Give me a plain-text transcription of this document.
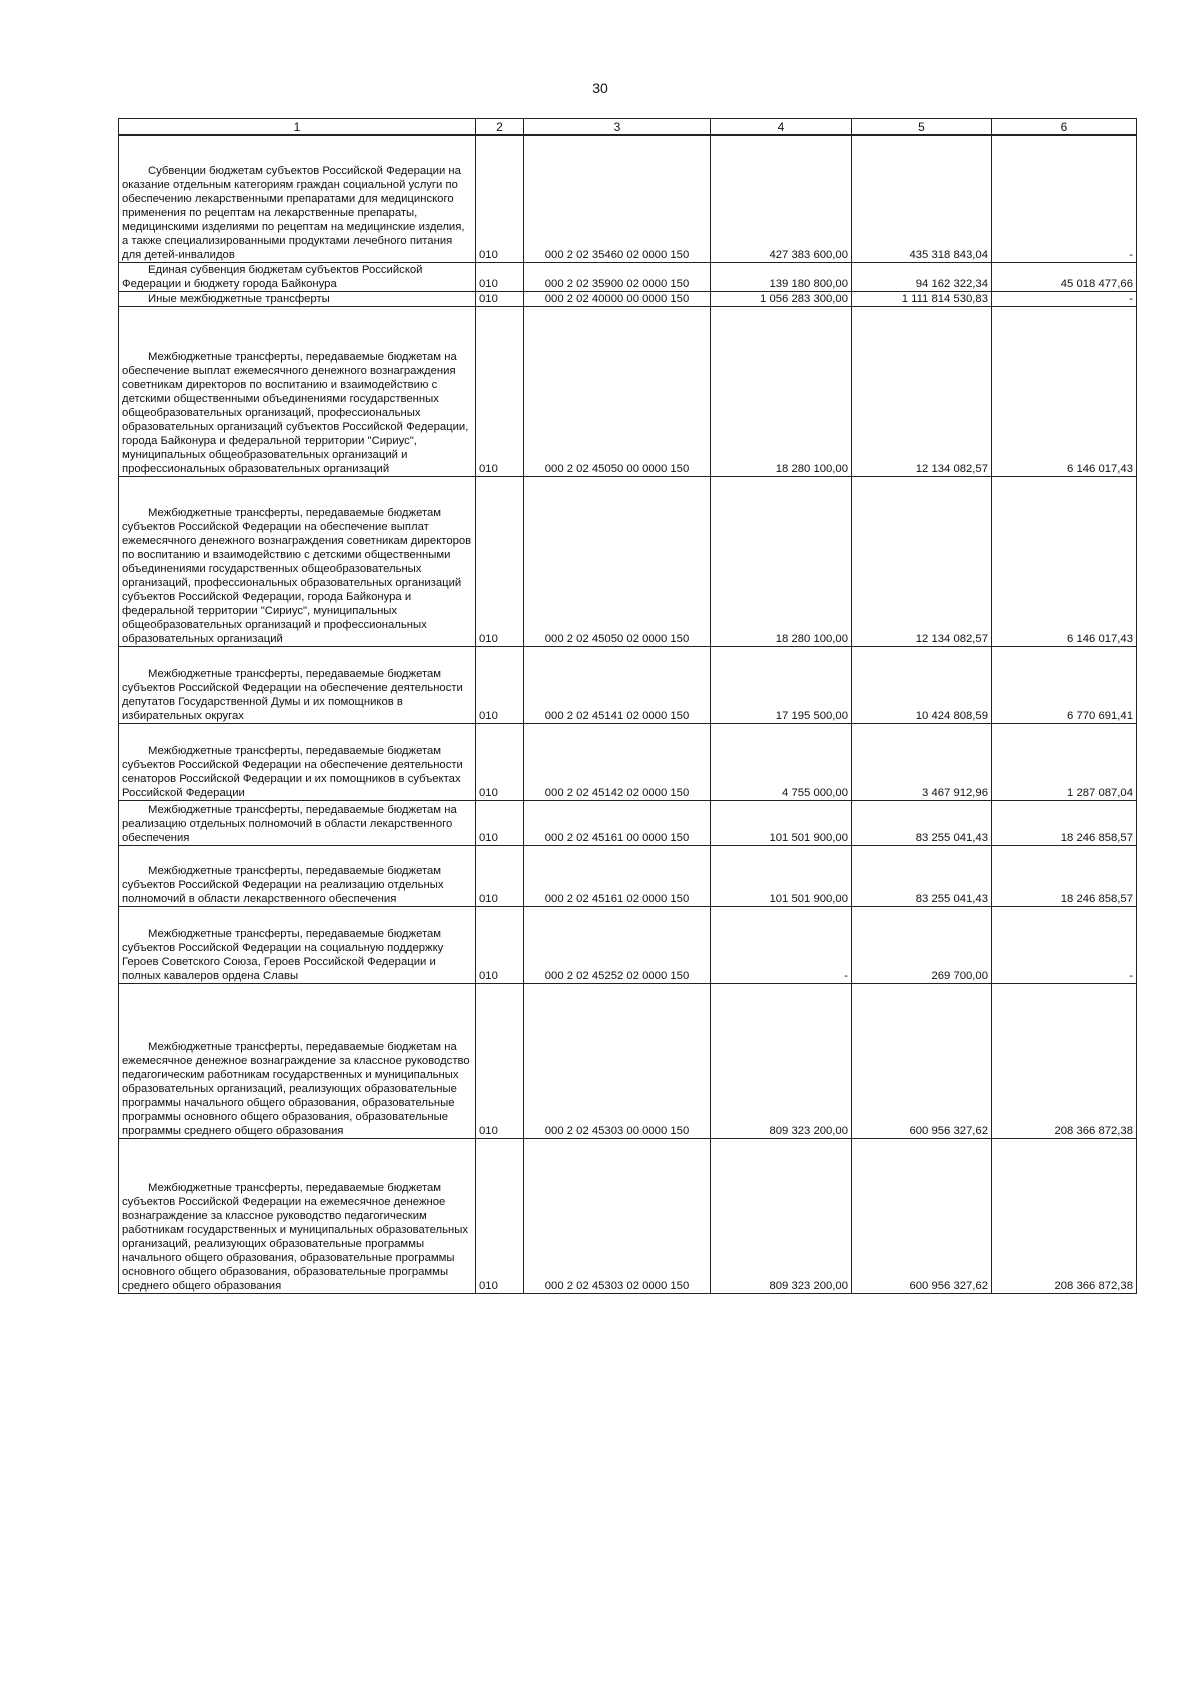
30
1	2	3	4	5	6
Субвенции бюджетам субъектов Российской Федерации на оказание отдельным категориям граждан социальной услуги по обеспечению лекарственными препаратами для медицинского применения по рецептам на лекарственные препараты, медицинскими изделиями по рецептам на медицинские изделия, а также специализированными продуктами лечебного питания для детей-инвалидов	010	000 2 02 35460 02 0000 150	427 383 600,00	435 318 843,04	-
Единая субвенция бюджетам субъектов Российской Федерации и бюджету города Байконура	010	000 2 02 35900 02 0000 150	139 180 800,00	94 162 322,34	45 018 477,66
Иные межбюджетные трансферты	010	000 2 02 40000 00 0000 150	1 056 283 300,00	1 111 814 530,83	-
Межбюджетные трансферты, передаваемые бюджетам на обеспечение выплат ежемесячного денежного вознаграждения советникам директоров по воспитанию и взаимодействию с детскими общественными объединениями государственных общеобразовательных организаций, профессиональных образовательных организаций субъектов Российской Федерации, города Байконура и федеральной территории "Сириус", муниципальных общеобразовательных организаций и профессиональных образовательных организаций	010	000 2 02 45050 00 0000 150	18 280 100,00	12 134 082,57	6 146 017,43
Межбюджетные трансферты, передаваемые бюджетам субъектов Российской Федерации на обеспечение выплат ежемесячного денежного вознаграждения советникам директоров по воспитанию и взаимодействию с детскими общественными объединениями государственных общеобразовательных организаций, профессиональных образовательных организаций субъектов Российской Федерации, города Байконура и федеральной территории "Сириус", муниципальных общеобразовательных организаций и профессиональных образовательных организаций	010	000 2 02 45050 02 0000 150	18 280 100,00	12 134 082,57	6 146 017,43
Межбюджетные трансферты, передаваемые бюджетам субъектов Российской Федерации на обеспечение деятельности депутатов Государственной Думы и их помощников в избирательных округах	010	000 2 02 45141 02 0000 150	17 195 500,00	10 424 808,59	6 770 691,41
Межбюджетные трансферты, передаваемые бюджетам субъектов Российской Федерации на обеспечение деятельности сенаторов Российской Федерации и их помощников в субъектах Российской Федерации	010	000 2 02 45142 02 0000 150	4 755 000,00	3 467 912,96	1 287 087,04
Межбюджетные трансферты, передаваемые бюджетам на реализацию отдельных полномочий в области лекарственного обеспечения	010	000 2 02 45161 00 0000 150	101 501 900,00	83 255 041,43	18 246 858,57
Межбюджетные трансферты, передаваемые бюджетам субъектов Российской Федерации на реализацию отдельных полномочий в области лекарственного обеспечения	010	000 2 02 45161 02 0000 150	101 501 900,00	83 255 041,43	18 246 858,57
Межбюджетные трансферты, передаваемые бюджетам субъектов Российской Федерации на социальную поддержку Героев Советского Союза, Героев Российской Федерации и полных кавалеров ордена Славы	010	000 2 02 45252 02 0000 150	-	269 700,00	-
Межбюджетные трансферты, передаваемые бюджетам на ежемесячное денежное вознаграждение за классное руководство педагогическим работникам государственных и муниципальных образовательных организаций, реализующих образовательные программы начального общего образования, образовательные программы основного общего образования, образовательные программы среднего общего образования	010	000 2 02 45303 00 0000 150	809 323 200,00	600 956 327,62	208 366 872,38
Межбюджетные трансферты, передаваемые бюджетам субъектов Российской Федерации на ежемесячное денежное вознаграждение за классное руководство педагогическим работникам государственных и муниципальных образовательных организаций, реализующих образовательные программы начального общего образования, образовательные программы основного общего образования, образовательные программы среднего общего образования	010	000 2 02 45303 02 0000 150	809 323 200,00	600 956 327,62	208 366 872,38
